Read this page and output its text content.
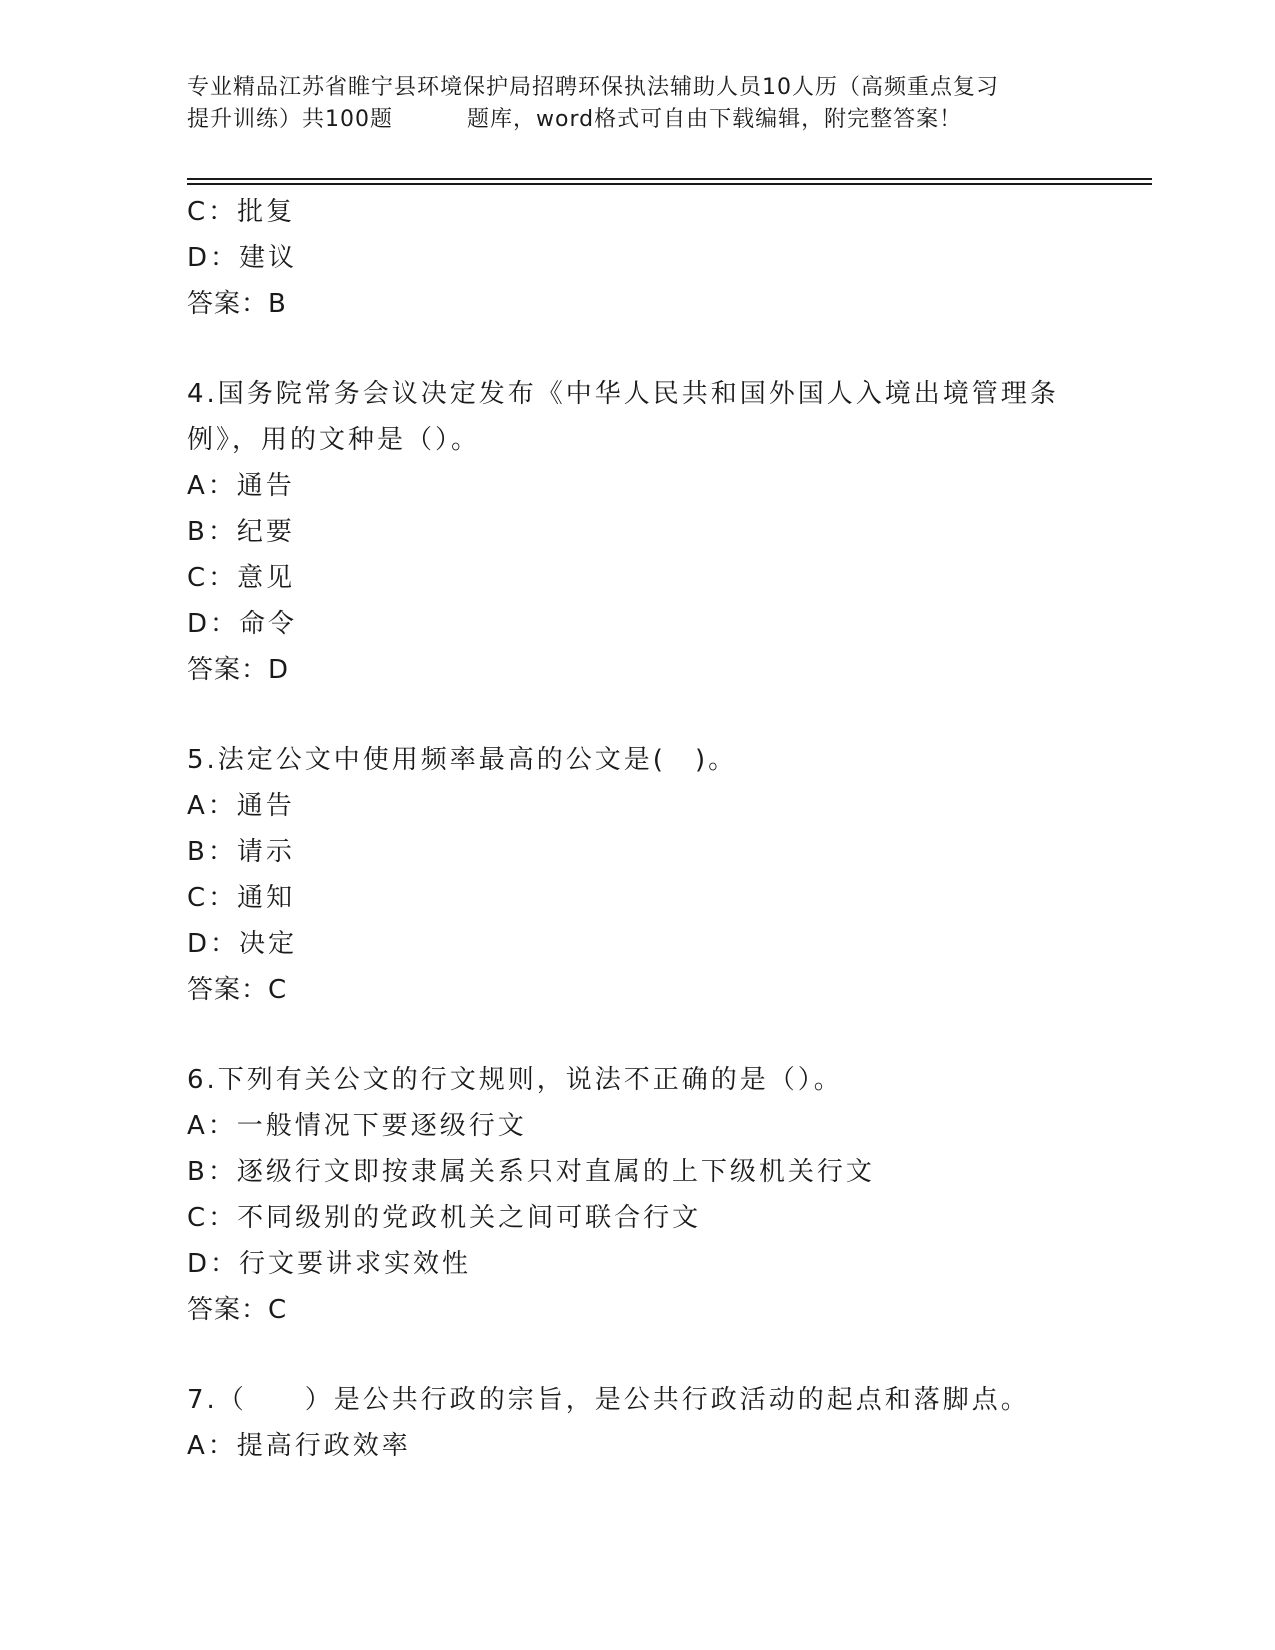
专业精品江苏省睢宁县环境保护局招聘环保执法辅助人员10人历（高频重点复习
提升训练）共100题	题库，word格式可自由下载编辑，附完整答案！
C：批复
D：建议
答案：B
4.国务院常务会议决定发布《中华人民共和国外国人入境出境管理条
例》，用的文种是（）。
A：通告
B：纪要
C：意见
D：命令
答案：D
5.法定公文中使用频率最高的公文是(　)。
A：通告
B：请示
C：通知
D：决定
答案：C
6.下列有关公文的行文规则，说法不正确的是（）。
A：一般情况下要逐级行文
B：逐级行文即按隶属关系只对直属的上下级机关行文
C：不同级别的党政机关之间可联合行文
D：行文要讲求实效性
答案：C
7.（　　）是公共行政的宗旨，是公共行政活动的起点和落脚点。
A：提高行政效率
